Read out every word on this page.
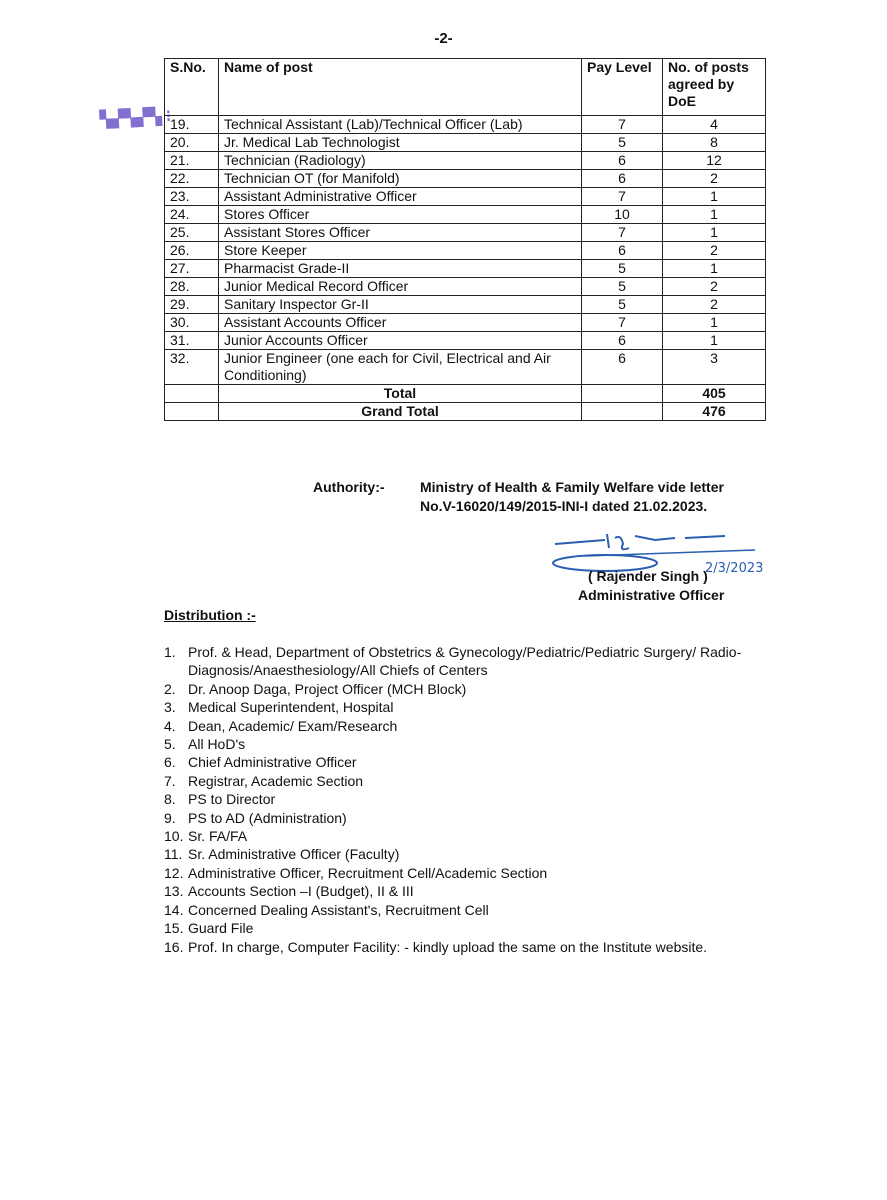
-2-
S.No.	Name of post	Pay Level	No. of posts agreed by DoE
19.	Technical Assistant (Lab)/Technical Officer (Lab)	7	4
20.	Jr. Medical Lab Technologist	5	8
21.	Technician (Radiology)	6	12
22.	Technician OT (for Manifold)	6	2
23.	Assistant Administrative Officer	7	1
24.	Stores Officer	10	1
25.	Assistant Stores Officer	7	1
26.	Store Keeper	6	2
27.	Pharmacist Grade-II	5	1
28.	Junior Medical Record Officer	5	2
29.	Sanitary Inspector Gr-II	5	2
30.	Assistant Accounts Officer	7	1
31.	Junior Accounts Officer	6	1
32.	Junior Engineer (one each for Civil, Electrical and Air Conditioning)	6	3
	Total		405
	Grand Total		476
▚▞▚▞▚ ⁝
Authority:-	Ministry of Health & Family Welfare vide letter
No.V-16020/149/2015-INI-I dated 21.02.2023.
2/3/2023
( Rajender Singh )
Administrative Officer
Distribution :-
1. Prof. & Head, Department of Obstetrics & Gynecology/Pediatric/Pediatric Surgery/ Radio-Diagnosis/Anaesthesiology/All Chiefs of Centers
2. Dr. Anoop Daga, Project Officer (MCH Block)
3. Medical Superintendent, Hospital
4. Dean, Academic/ Exam/Research
5. All HoD's
6. Chief Administrative Officer
7. Registrar, Academic Section
8. PS to Director
9. PS to AD (Administration)
10. Sr. FA/FA
11. Sr. Administrative Officer (Faculty)
12. Administrative Officer, Recruitment Cell/Academic Section
13. Accounts Section –I (Budget), II & III
14. Concerned Dealing Assistant's, Recruitment Cell
15. Guard File
16. Prof. In charge, Computer Facility: - kindly upload the same on the Institute website.
